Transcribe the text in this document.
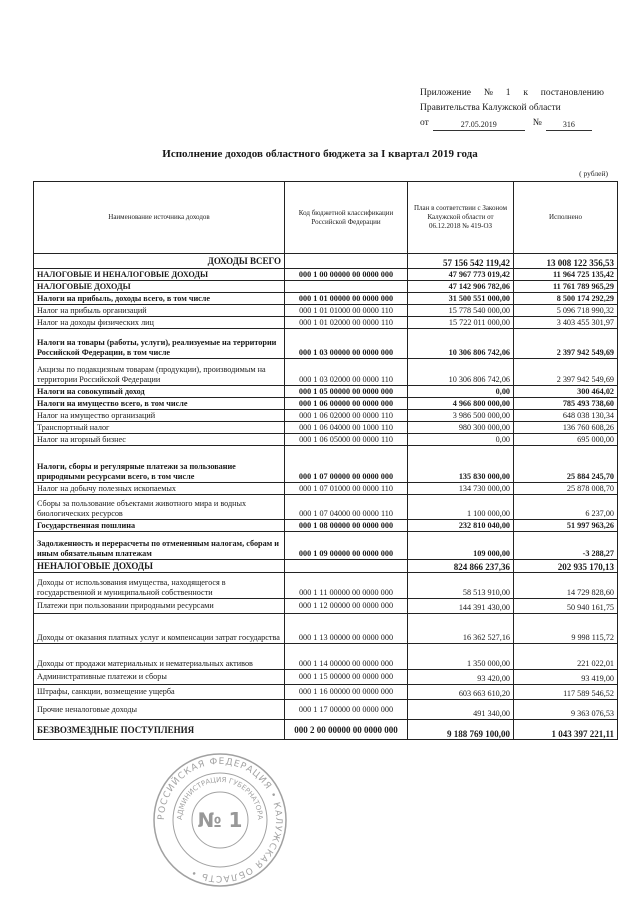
Приложение № 1 к постановлению
Правительства Калужской области
от	27.05.2019	№	316
Исполнение доходов областного бюджета за I квартал 2019 года
( рублей)
Наименование источника доходов	Код бюджетной классификации Российской Федерации	План в соответствии с Законом Калужской области от 06.12.2018 № 419-ОЗ	Исполнено
ДОХОДЫ ВСЕГО		57 156 542 119,42	13 008 122 356,53
НАЛОГОВЫЕ И НЕНАЛОГОВЫЕ ДОХОДЫ	000 1 00 00000 00 0000 000	47 967 773 019,42	11 964 725 135,42
НАЛОГОВЫЕ ДОХОДЫ		47 142 906 782,06	11 761 789 965,29
Налоги на прибыль, доходы всего, в том числе	000 1 01 00000 00 0000 000	31 500 551 000,00	8 500 174 292,29
Налог на прибыль организаций	000 1 01 01000 00 0000 110	15 778 540 000,00	5 096 718 990,32
Налог на доходы физических лиц	000 1 01 02000 00 0000 110	15 722 011 000,00	3 403 455 301,97
Налоги на товары (работы, услуги), реализуемые на территории Российской Федерации, в том числе	000 1 03 00000 00 0000 000	10 306 806 742,06	2 397 942 549,69
Акцизы по подакцизным товарам (продукции), производимым на территории Российской Федерации	000 1 03 02000 00 0000 110	10 306 806 742,06	2 397 942 549,69
Налоги на совокупный доход	000 1 05 00000 00 0000 000	0,00	300 464,02
Налоги на имущество всего, в том числе	000 1 06 00000 00 0000 000	4 966 800 000,00	785 493 738,60
Налог на имущество организаций	000 1 06 02000 00 0000 110	3 986 500 000,00	648 038 130,34
Транспортный налог	000 1 06 04000 00 1000 110	980 300 000,00	136 760 608,26
Налог на игорный бизнес	000 1 06 05000 00 0000 110	0,00	695 000,00
Налоги, сборы и регулярные платежи за пользование природными ресурсами всего, в том числе	000 1 07 00000 00 0000 000	135 830 000,00	25 884 245,70
Налог на добычу полезных ископаемых	000 1 07 01000 00 0000 110	134 730 000,00	25 878 008,70
Сборы за пользование объектами животного мира и водных биологических ресурсов	000 1 07 04000 00 0000 110	1 100 000,00	6 237,00
Государственная пошлина	000 1 08 00000 00 0000 000	232 810 040,00	51 997 963,26
Задолженность и перерасчеты по отмененным налогам, сборам и иным обязательным платежам	000 1 09 00000 00 0000 000	109 000,00	-3 288,27
НЕНАЛОГОВЫЕ ДОХОДЫ		824 866 237,36	202 935 170,13
Доходы от использования имущества, находящегося в государственной и муниципальной собственности	000 1 11 00000 00 0000 000	58 513 910,00	14 729 828,60
Платежи при пользовании природными ресурсами	000 1 12 00000 00 0000 000	144 391 430,00	50 940 161,75
Доходы от оказания платных услуг и компенсации затрат государства	000 1 13 00000 00 0000 000	16 362 527,16	9 998 115,72
Доходы от продажи материальных и нематериальных активов	000 1 14 00000 00 0000 000	1 350 000,00	221 022,01
Административные платежи и сборы	000 1 15 00000 00 0000 000	93 420,00	93 419,00
Штрафы, санкции, возмещение ущерба	000 1 16 00000 00 0000 000	603 663 610,20	117 589 546,52
Прочие неналоговые доходы	000 1 17 00000 00 0000 000	491 340,00	9 363 076,53
БЕЗВОЗМЕЗДНЫЕ ПОСТУПЛЕНИЯ	000 2 00 00000 00 0000 000	9 188 769 100,00	1 043 397 221,11
РОССИЙСКАЯ ФЕДЕРАЦИЯ • КАЛУЖСКАЯ ОБЛАСТЬ •
АДМИНИСТРАЦИЯ ГУБЕРНАТОРА
№ 1
